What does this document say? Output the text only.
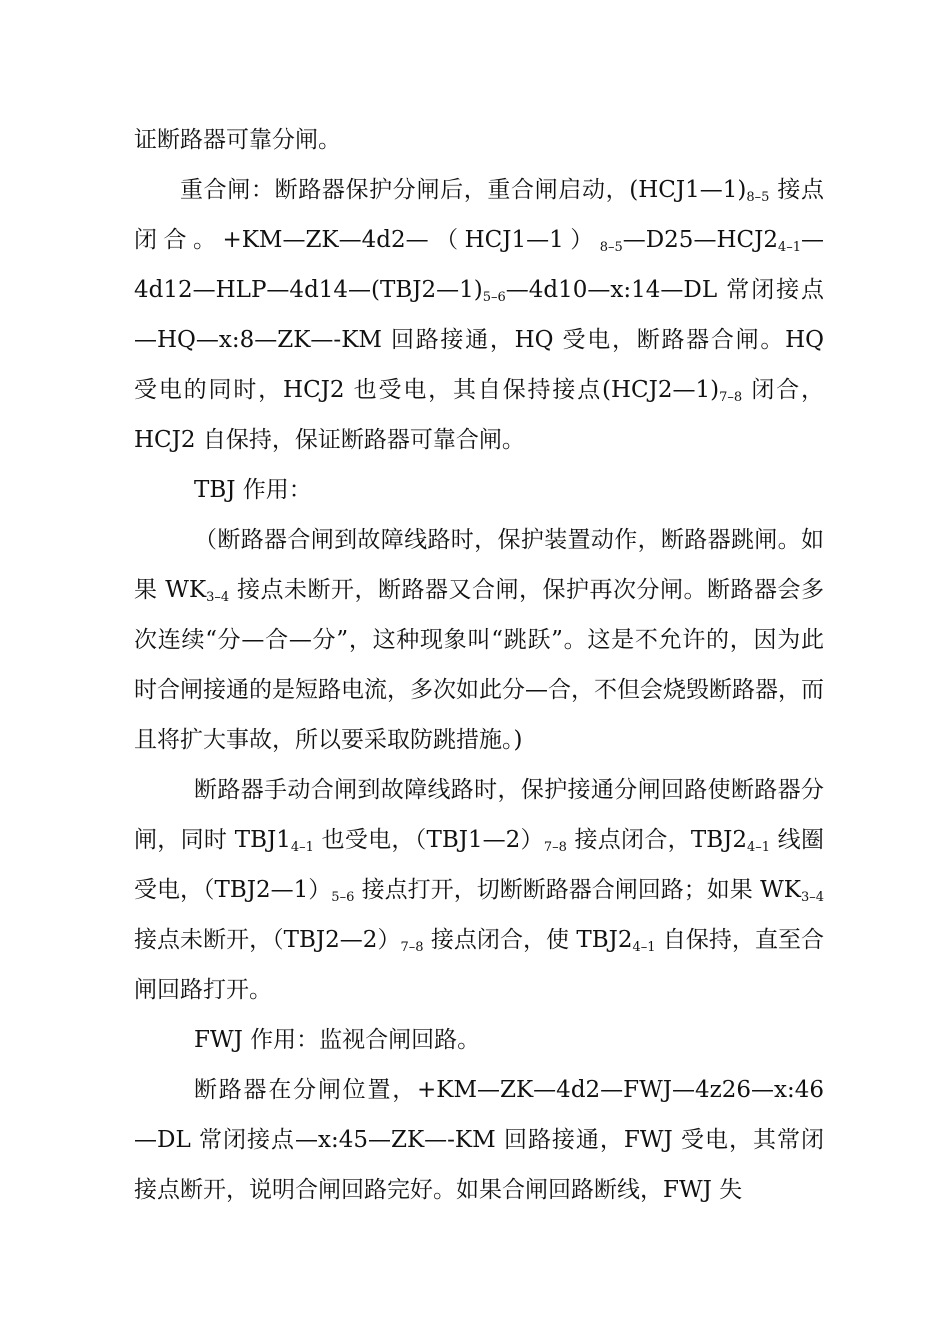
证断路器可靠分闸。

重合闸：断路器保护分闸后，重合闸启动，$(HCJ1—1)_{8-5}$ 接点闭合。$+KM—ZK—4d2—(HCJ1—1)_{8-5}—D25—HCJ2_{4-1}—4d12—HLP—4d14—(TBJ2—1)_{5-6}—4d10—x:14—DL$ 常闭接点—HQ—x:8—ZK—-KM 回路接通，HQ 受电，断路器合闸。HQ 受电的同时，HCJ2 也受电，其自保持接点$(HCJ2—1)_{7-8}$ 闭合，HCJ2 自保持，保证断路器可靠合闸。

TBJ 作用：

（断路器合闸到故障线路时，保护装置动作，断路器跳闸。如果 $WK_{3-4}$ 接点未断开，断路器又合闸，保护再次分闸。断路器会多次连续“分—合—分”，这种现象叫“跳跃”。这是不允许的，因为此时合闸接通的是短路电流，多次如此分—合，不但会烧毁断路器，而且将扩大事故，所以要采取防跳措施。)

断路器手动合闸到故障线路时，保护接通分闸回路使断路器分闸，同时 $TBJ1_{4-1}$ 也受电，$(TBJ1—2)_{7-8}$ 接点闭合，$TBJ2_{4-1}$ 线圈受电，$(TBJ2—1)_{5-6}$ 接点打开，切断断路器合闸回路；如果 $WK_{3-4}$ 接点未断开，$(TBJ2—2)_{7-8}$ 接点闭合，使 $TBJ2_{4-1}$ 自保持，直至合闸回路打开。

FWJ 作用：监视合闸回路。

断路器在分闸位置，+KM—ZK—4d2—FWJ—4z26—x:46—DL 常闭接点—x:45—ZK—-KM 回路接通，FWJ 受电，其常闭接点断开，说明合闸回路完好。如果合闸回路断线，FWJ 失
